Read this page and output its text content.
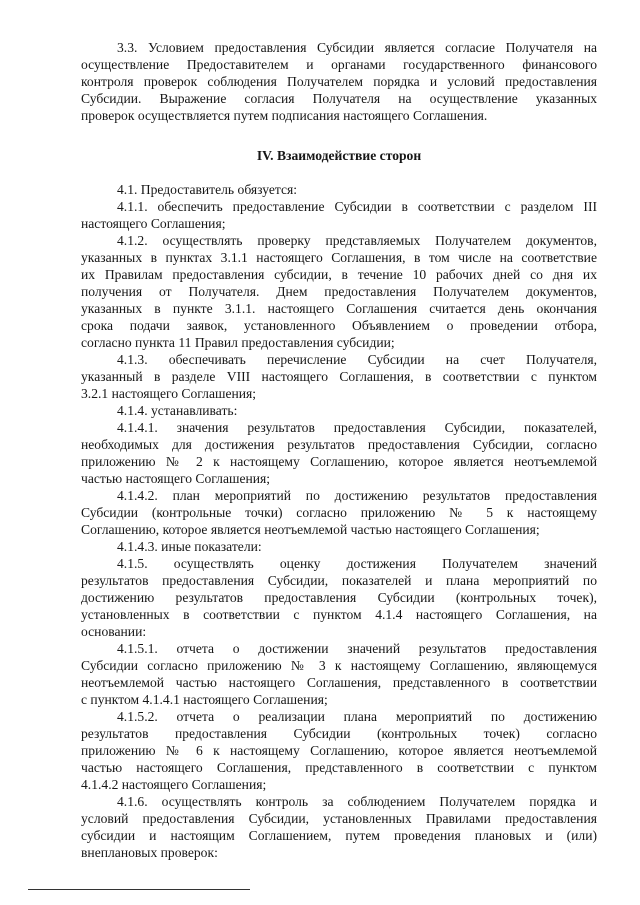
3.3. Условием предоставления Субсидии является согласие Получателя на
осуществление Предоставителем и органами государственного финансового
контроля проверок соблюдения Получателем порядка и условий предоставления
Субсидии. Выражение согласия Получателя на осуществление указанных
проверок осуществляется путем подписания настоящего Соглашения.
IV. Взаимодействие сторон
4.1. Предоставитель обязуется:
4.1.1. обеспечить предоставление Субсидии в соответствии с разделом III
настоящего Соглашения;
4.1.2. осуществлять проверку представляемых Получателем документов,
указанных в пунктах 3.1.1 настоящего Соглашения, в том числе на соответствие
их Правилам предоставления субсидии, в течение 10 рабочих дней со дня их
получения от Получателя. Днем предоставления Получателем документов,
указанных в пункте 3.1.1. настоящего Соглашения считается день окончания
срока подачи заявок, установленного Объявлением о проведении отбора,
согласно пункта 11 Правил предоставления субсидии;
4.1.3. обеспечивать перечисление Субсидии на счет Получателя,
указанный в разделе VIII настоящего Соглашения, в соответствии с пунктом
3.2.1 настоящего Соглашения;
4.1.4. устанавливать:
4.1.4.1. значения результатов предоставления Субсидии, показателей,
необходимых для достижения результатов предоставления Субсидии, согласно
приложению № 2 к настоящему Соглашению, которое является неотъемлемой
частью настоящего Соглашения;
4.1.4.2. план мероприятий по достижению результатов предоставления
Субсидии (контрольные точки) согласно приложению № 5 к настоящему
Соглашению, которое является неотъемлемой частью настоящего Соглашения;
4.1.4.3. иные показатели:
4.1.5. осуществлять оценку достижения Получателем значений
результатов предоставления Субсидии, показателей и плана мероприятий по
достижению результатов предоставления Субсидии (контрольных точек),
установленных в соответствии с пунктом 4.1.4 настоящего Соглашения, на
основании:
4.1.5.1. отчета о достижении значений результатов предоставления
Субсидии согласно приложению № 3 к настоящему Соглашению, являющемуся
неотъемлемой частью настоящего Соглашения, представленного в соответствии
с пунктом 4.1.4.1 настоящего Соглашения;
4.1.5.2. отчета о реализации плана мероприятий по достижению
результатов предоставления Субсидии (контрольных точек) согласно
приложению № 6 к настоящему Соглашению, которое является неотъемлемой
частью настоящего Соглашения, представленного в соответствии с пунктом
4.1.4.2 настоящего Соглашения;
4.1.6. осуществлять контроль за соблюдением Получателем порядка и
условий предоставления Субсидии, установленных Правилами предоставления
субсидии и настоящим Соглашением, путем проведения плановых и (или)
внеплановых проверок:
